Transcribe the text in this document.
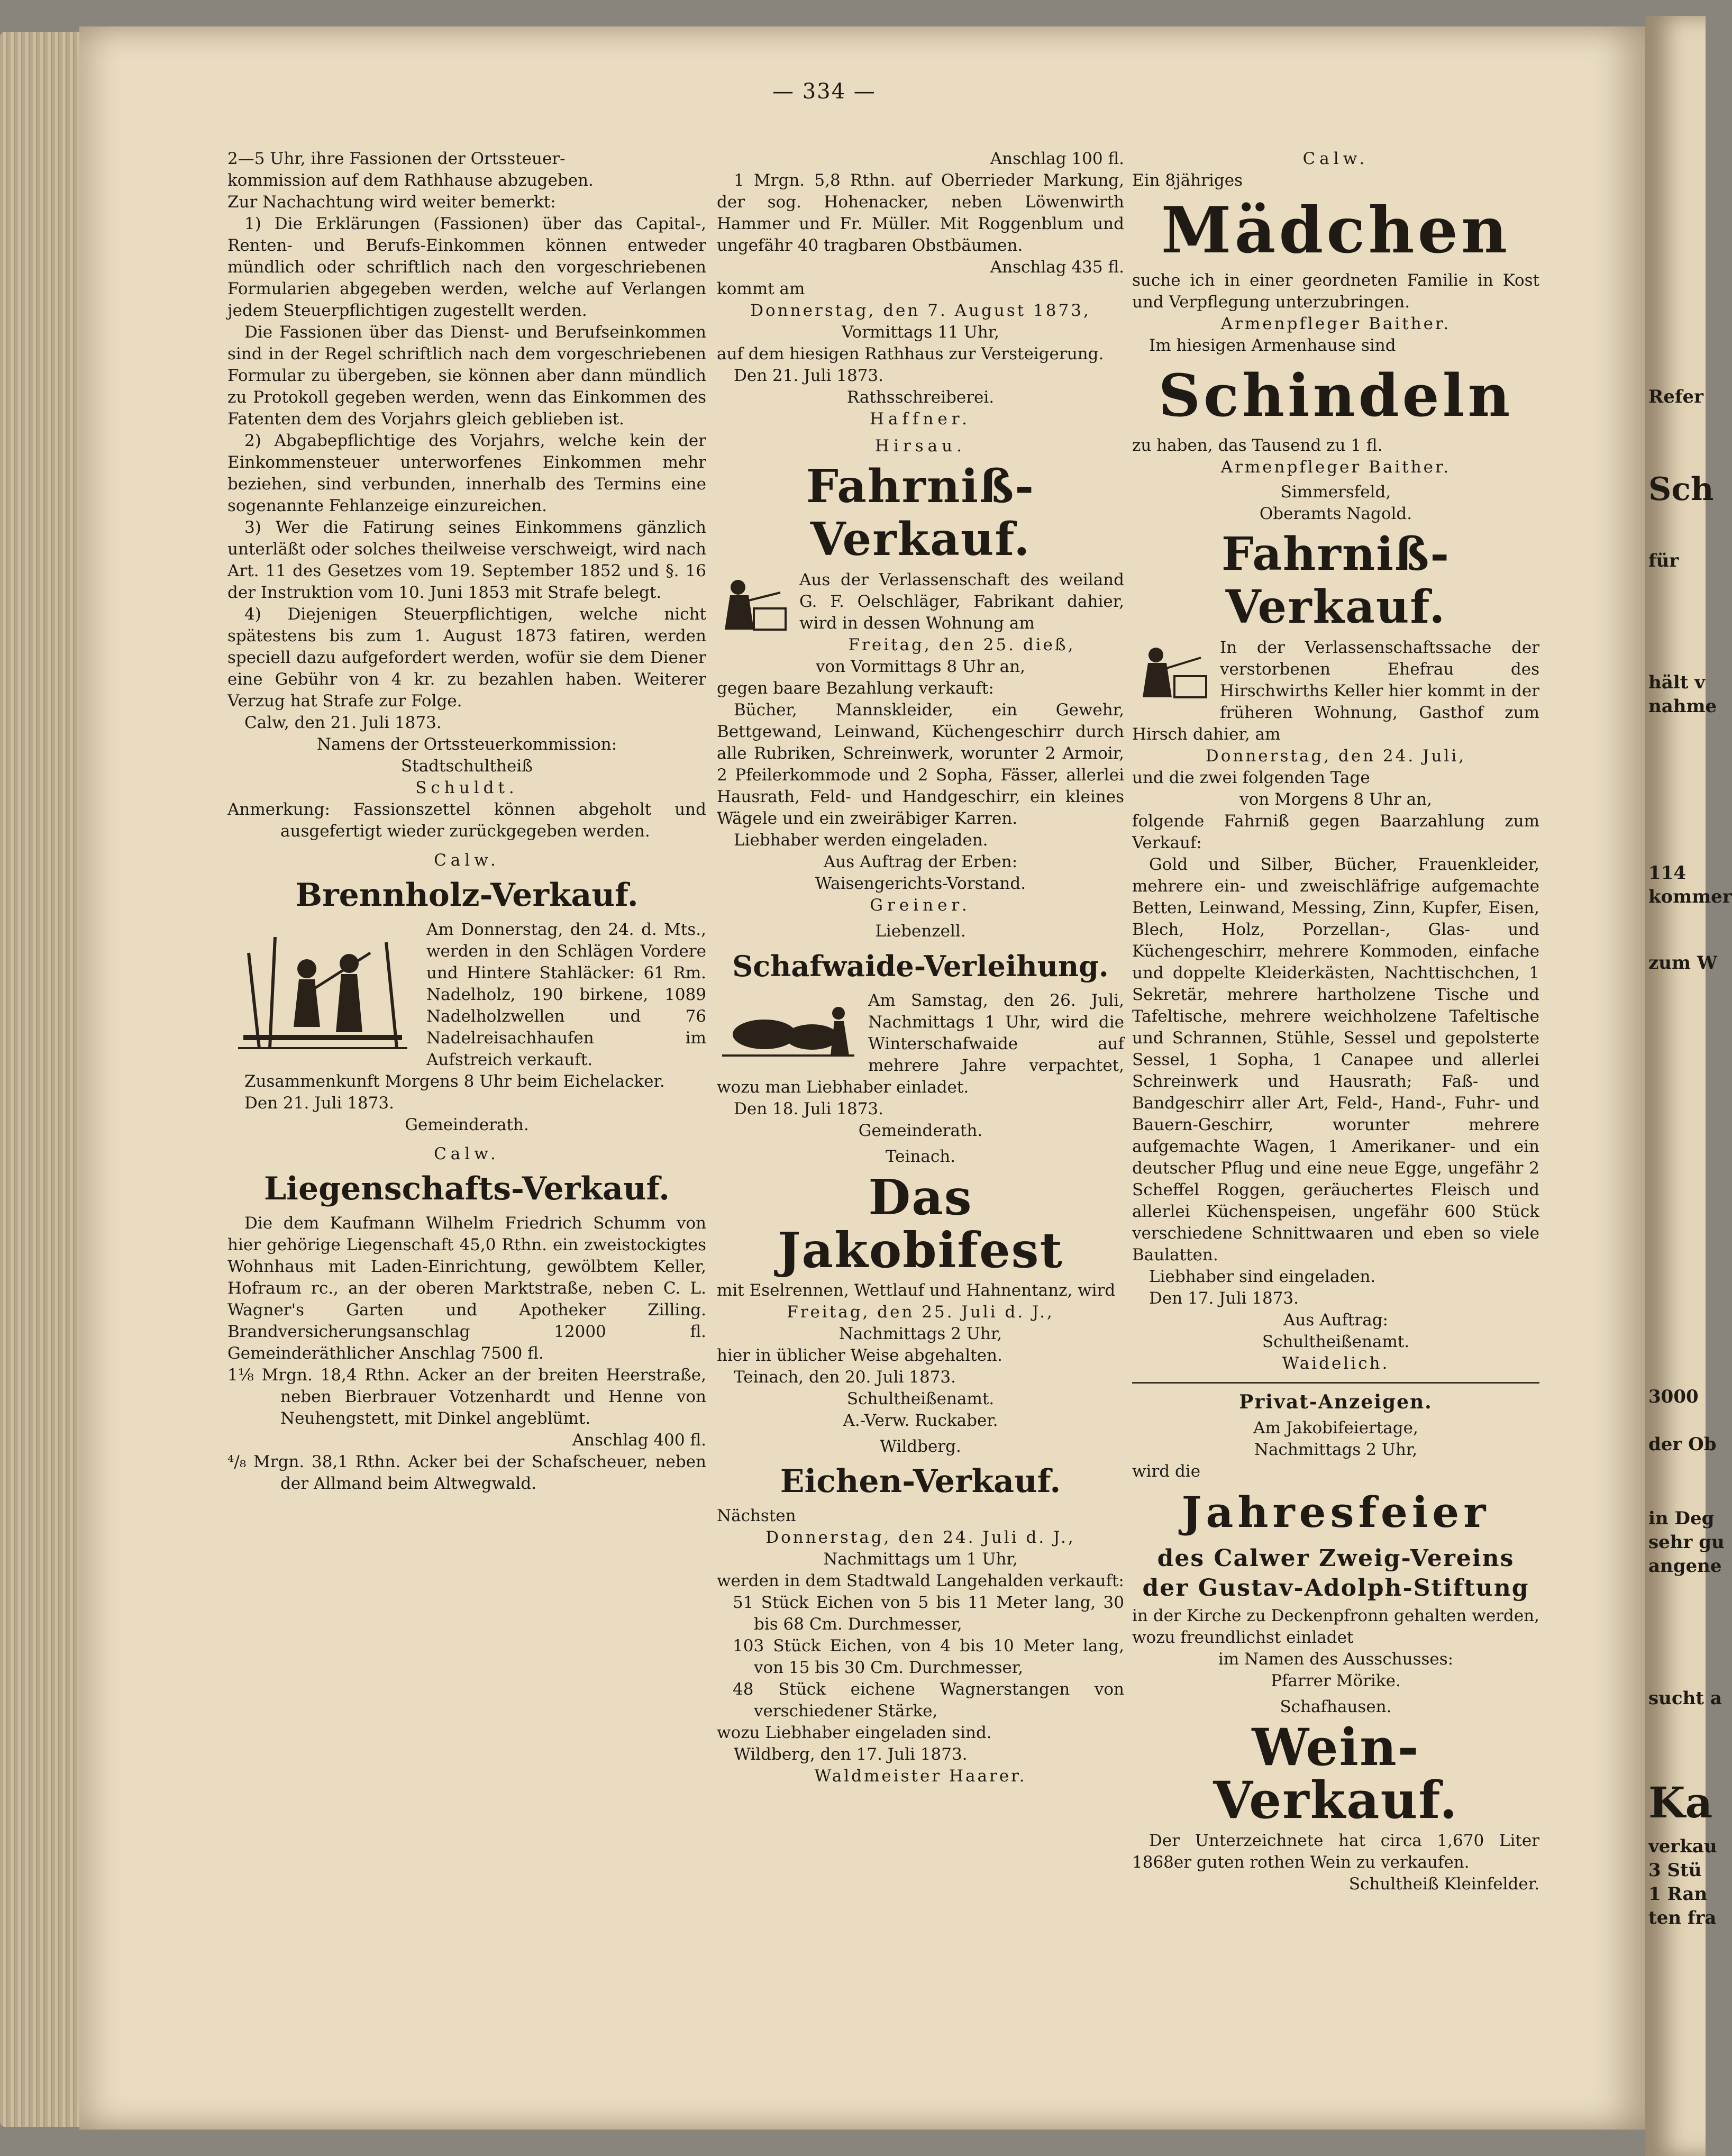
Refer
Sch
für
hält v
nahme
114
kommer
zum W
3000
der Ob
in Deg
sehr gu
angene
sucht a
Ka
verkau
3 Stü
1 Ran
ten fra
— 334 —

2—5 Uhr, ihre Fassionen der Ortssteuer-

kommission auf dem Rathhause abzugeben.

Zur Nachachtung wird weiter bemerkt:

1) Die Erklärungen (Fassionen) über das Capital-, Renten- und Berufs-Einkommen können entweder mündlich oder schriftlich nach den vorgeschriebenen Formularien abgegeben werden, welche auf Verlangen jedem Steuerpflichtigen zugestellt werden.

Die Fassionen über das Dienst- und Berufseinkommen sind in der Regel schriftlich nach dem vorgeschriebenen Formular zu übergeben, sie können aber dann mündlich zu Protokoll gegeben werden, wenn das Einkommen des Fatenten dem des Vorjahrs gleich geblieben ist.

2) Abgabepflichtige des Vorjahrs, welche kein der Einkommensteuer unterworfenes Einkommen mehr beziehen, sind verbunden, innerhalb des Termins eine sogenannte Fehlanzeige einzureichen.

3) Wer die Fatirung seines Einkommens gänzlich unterläßt oder solches theilweise verschweigt, wird nach Art. 11 des Gesetzes vom 19. September 1852 und §. 16 der Instruktion vom 10. Juni 1853 mit Strafe belegt.

4) Diejenigen Steuerpflichtigen, welche nicht spätestens bis zum 1. August 1873 fatiren, werden speciell dazu aufgefordert werden, wofür sie dem Diener eine Gebühr von 4 kr. zu bezahlen haben. Weiterer Verzug hat Strafe zur Folge.

Calw, den 21. Juli 1873.

Namens der Ortssteuerkommission:

Stadtschultheiß

Schuldt.

Anmerkung: Fassionszettel können abgeholt und ausgefertigt wieder zurückgegeben werden.

Calw.

Brennholz-Verkauf.

Am Donnerstag, den 24. d. Mts., werden in den Schlägen Vordere und Hintere Stahläcker: 61 Rm. Nadelholz, 190 birkene, 1089 Nadelholzwellen und 76 Nadelreisachhaufen im Aufstreich verkauft.

Zusammenkunft Morgens 8 Uhr beim Eichelacker.

Den 21. Juli 1873.

Gemeinderath.

Calw.

Liegenschafts-Verkauf.

Die dem Kaufmann Wilhelm Friedrich Schumm von hier gehörige Liegenschaft 45,0 Rthn. ein zweistockigtes Wohnhaus mit Laden-Einrichtung, gewölbtem Keller, Hofraum rc., an der oberen Marktstraße, neben C. L. Wagner's Garten und Apotheker Zilling. Brandversicherungsanschlag 12000 fl. Gemeinderäthlicher Anschlag 7500 fl.

1⅛ Mrgn. 18,4 Rthn. Acker an der breiten Heerstraße, neben Bierbrauer Votzenhardt und Henne von Neuhengstett, mit Dinkel angeblümt.

Anschlag 400 fl.

⁴/₈ Mrgn. 38,1 Rthn. Acker bei der Schafscheuer, neben der Allmand beim Altwegwald.

Anschlag 100 fl.

1 Mrgn. 5,8 Rthn. auf Oberrieder Markung, der sog. Hohenacker, neben Löwenwirth Hammer und Fr. Müller. Mit Roggenblum und ungefähr 40 tragbaren Obstbäumen.

Anschlag 435 fl.

kommt am

Donnerstag, den 7. August 1873,

Vormittags 11 Uhr,

auf dem hiesigen Rathhaus zur Versteigerung.

Den 21. Juli 1873.

Rathsschreiberei.

Haffner.

Hirsau.

Fahrniß-Verkauf.

Aus der Verlassenschaft des weiland G. F. Oelschläger, Fabrikant dahier, wird in dessen Wohnung am

Freitag, den 25. dieß,

von Vormittags 8 Uhr an,

gegen baare Bezahlung verkauft:

Bücher, Mannskleider, ein Gewehr, Bettgewand, Leinwand, Küchengeschirr durch alle Rubriken, Schreinwerk, worunter 2 Armoir, 2 Pfeilerkommode und 2 Sopha, Fässer, allerlei Hausrath, Feld- und Handgeschirr, ein kleines Wägele und ein zweiräbiger Karren.

Liebhaber werden eingeladen.

Aus Auftrag der Erben:

Waisengerichts-Vorstand.

Greiner.

Liebenzell.

Schafwaide-Verleihung.

Am Samstag, den 26. Juli, Nachmittags 1 Uhr, wird die Winterschafwaide auf mehrere Jahre verpachtet, wozu man Liebhaber einladet.

Den 18. Juli 1873.

Gemeinderath.

Teinach.

Das Jakobifest

mit Eselrennen, Wettlauf und Hahnentanz, wird

Freitag, den 25. Juli d. J.,

Nachmittags 2 Uhr,

hier in üblicher Weise abgehalten.

Teinach, den 20. Juli 1873.

Schultheißenamt.

A.-Verw. Ruckaber.

Wildberg.

Eichen-Verkauf.

Nächsten

Donnerstag, den 24. Juli d. J.,

Nachmittags um 1 Uhr,

werden in dem Stadtwald Langehalden verkauft:

51 Stück Eichen von 5 bis 11 Meter lang, 30 bis 68 Cm. Durchmesser,

103 Stück Eichen, von 4 bis 10 Meter lang, von 15 bis 30 Cm. Durchmesser,

48 Stück eichene Wagnerstangen von verschiedener Stärke,

wozu Liebhaber eingeladen sind.

Wildberg, den 17. Juli 1873.

Waldmeister Haarer.

Calw.

Ein 8jähriges

Mädchen

suche ich in einer geordneten Familie in Kost und Verpflegung unterzubringen.

Armenpfleger Baither.

Im hiesigen Armenhause sind

Schindeln

zu haben, das Tausend zu 1 fl.

Armenpfleger Baither.

Simmersfeld,

Oberamts Nagold.

Fahrniß-Verkauf.

In der Verlassenschaftssache der verstorbenen Ehefrau des Hirschwirths Keller hier kommt in der früheren Wohnung, Gasthof zum Hirsch dahier, am

Donnerstag, den 24. Juli,

und die zwei folgenden Tage

von Morgens 8 Uhr an,

folgende Fahrniß gegen Baarzahlung zum Verkauf:

Gold und Silber, Bücher, Frauenkleider, mehrere ein- und zweischläfrige aufgemachte Betten, Leinwand, Messing, Zinn, Kupfer, Eisen, Blech, Holz, Porzellan-, Glas- und Küchengeschirr, mehrere Kommoden, einfache und doppelte Kleiderkästen, Nachttischchen, 1 Sekretär, mehrere hartholzene Tische und Tafeltische, mehrere weichholzene Tafeltische und Schrannen, Stühle, Sessel und gepolsterte Sessel, 1 Sopha, 1 Canapee und allerlei Schreinwerk und Hausrath; Faß- und Bandgeschirr aller Art, Feld-, Hand-, Fuhr- und Bauern-Geschirr, worunter mehrere aufgemachte Wagen, 1 Amerikaner- und ein deutscher Pflug und eine neue Egge, ungefähr 2 Scheffel Roggen, geräuchertes Fleisch und allerlei Küchenspeisen, ungefähr 600 Stück verschiedene Schnittwaaren und eben so viele Baulatten.

Liebhaber sind eingeladen.

Den 17. Juli 1873.

Aus Auftrag:

Schultheißenamt.

Waidelich.

Privat-Anzeigen.

Am Jakobifeiertage,

Nachmittags 2 Uhr,

wird die

Jahresfeier
des Calwer Zweig-Vereins der Gustav-Adolph-Stiftung

in der Kirche zu Deckenpfronn gehalten werden, wozu freundlichst einladet

im Namen des Ausschusses:

Pfarrer Mörike.

Schafhausen.

Wein-Verkauf.

Der Unterzeichnete hat circa 1,670 Liter 1868er guten rothen Wein zu verkaufen.

Schultheiß Kleinfelder.
